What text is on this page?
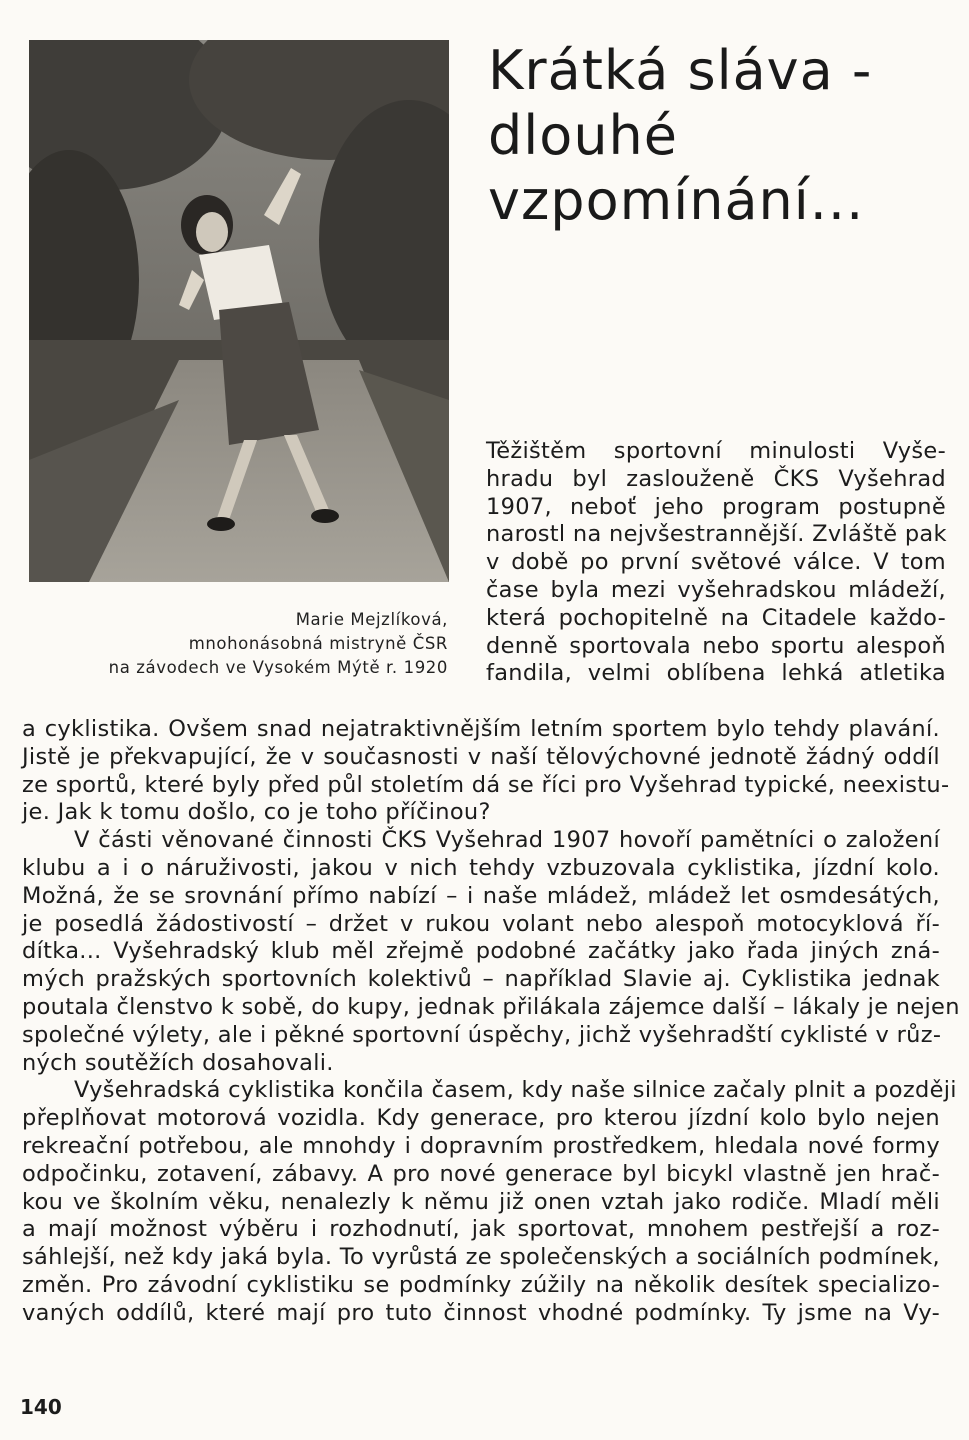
Marie Mejzlíková,
mnohonásobná mistryně ČSR
na závodech ve Vysokém Mýtě r. 1920
Krátká sláva -
dlouhé
vzpomínání...
Těžištěm sportovní minulosti Vyše-
hradu byl zaslouženě ČKS Vyšehrad
1907, neboť jeho program postupně
narostl na nejvšestrannější. Zvláště pak
v době po první světové válce. V tom
čase byla mezi vyšehradskou mládeží,
která pochopitelně na Citadele každo-
denně sportovala nebo sportu alespoň
fandila, velmi oblíbena lehká atletika
a cyklistika. Ovšem snad nejatraktivnějším letním sportem bylo tehdy plavání.
Jistě je překvapující, že v současnosti v naší tělovýchovné jednotě žádný oddíl
ze sportů, které byly před půl stoletím dá se říci pro Vyšehrad typické, neexistu-
je. Jak k tomu došlo, co je toho příčinou?
V části věnované činnosti ČKS Vyšehrad 1907 hovoří pamětníci o založení
klubu a i o náruživosti, jakou v nich tehdy vzbuzovala cyklistika, jízdní kolo.
Možná, že se srovnání přímo nabízí – i naše mládež, mládež let osmdesátých,
je posedlá žádostivostí – držet v rukou volant nebo alespoň motocyklová ří-
dítka... Vyšehradský klub měl zřejmě podobné začátky jako řada jiných zná-
mých pražských sportovních kolektivů – například Slavie aj. Cyklistika jednak
poutala členstvo k sobě, do kupy, jednak přilákala zájemce další – lákaly je nejen
společné výlety, ale i pěkné sportovní úspěchy, jichž vyšehradští cyklisté v růz-
ných soutěžích dosahovali.
Vyšehradská cyklistika končila časem, kdy naše silnice začaly plnit a později
přeplňovat motorová vozidla. Kdy generace, pro kterou jízdní kolo bylo nejen
rekreační potřebou, ale mnohdy i dopravním prostředkem, hledala nové formy
odpočinku, zotavení, zábavy. A pro nové generace byl bicykl vlastně jen hrač-
kou ve školním věku, nenalezly k němu již onen vztah jako rodiče. Mladí měli
a mají možnost výběru i rozhodnutí, jak sportovat, mnohem pestřejší a roz-
sáhlejší, než kdy jaká byla. To vyrůstá ze společenských a sociálních podmínek,
změn. Pro závodní cyklistiku se podmínky zúžily na několik desítek specializo-
vaných oddílů, které mají pro tuto činnost vhodné podmínky. Ty jsme na Vy-
140
